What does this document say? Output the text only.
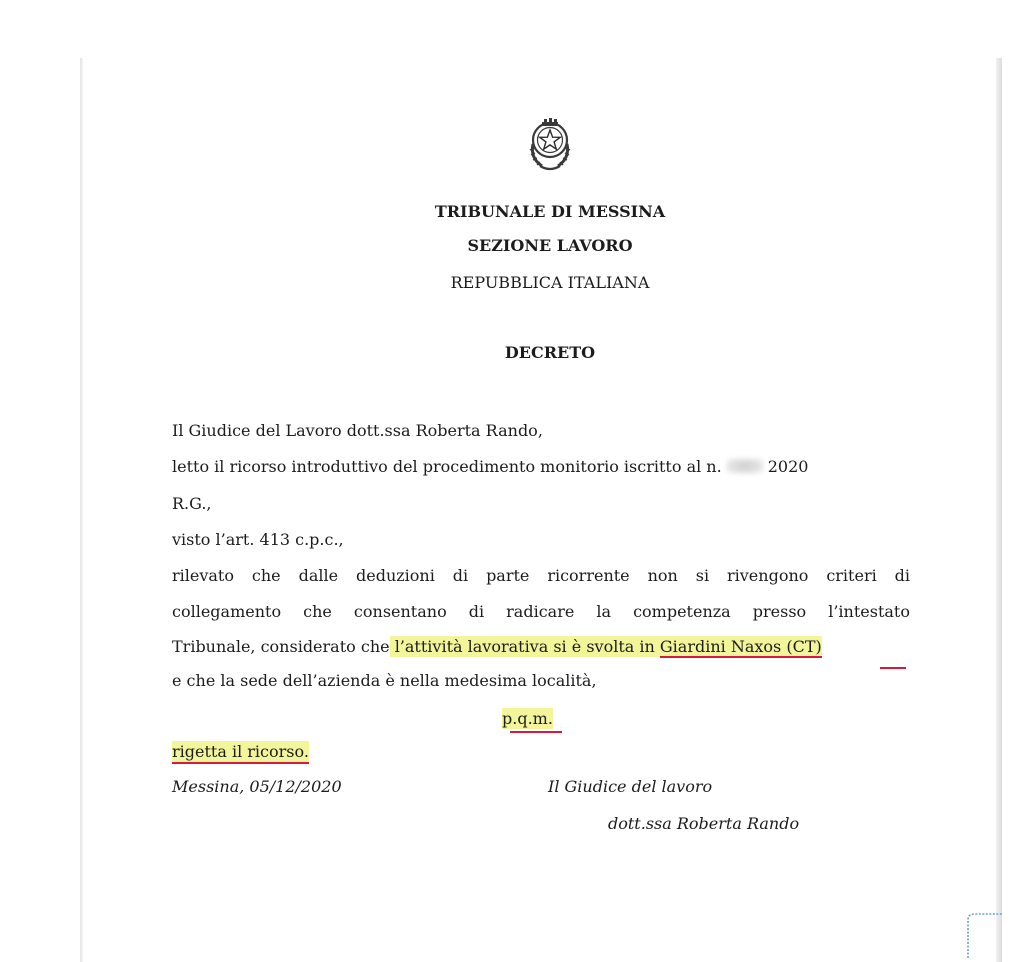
TRIBUNALE DI MESSINA
SEZIONE LAVORO
REPUBBLICA ITALIANA
DECRETO
Il Giudice del Lavoro dott.ssa Roberta Rando,
letto il ricorso introduttivo del procedimento monitorio iscritto al n.	2020
R.G.,
visto l’art. 413 c.p.c.,
rilevato che dalle deduzioni di parte ricorrente non si rivengono criteri di
collegamento che consentano di radicare la competenza presso l’intestato
Tribunale, considerato che l’attività lavorativa si è svolta in Giardini Naxos (CT)
e che la sede dell’azienda è nella medesima località,
p.q.m.
rigetta il ricorso.
Messina, 05/12/2020	Il Giudice del lavoro
dott.ssa Roberta Rando
